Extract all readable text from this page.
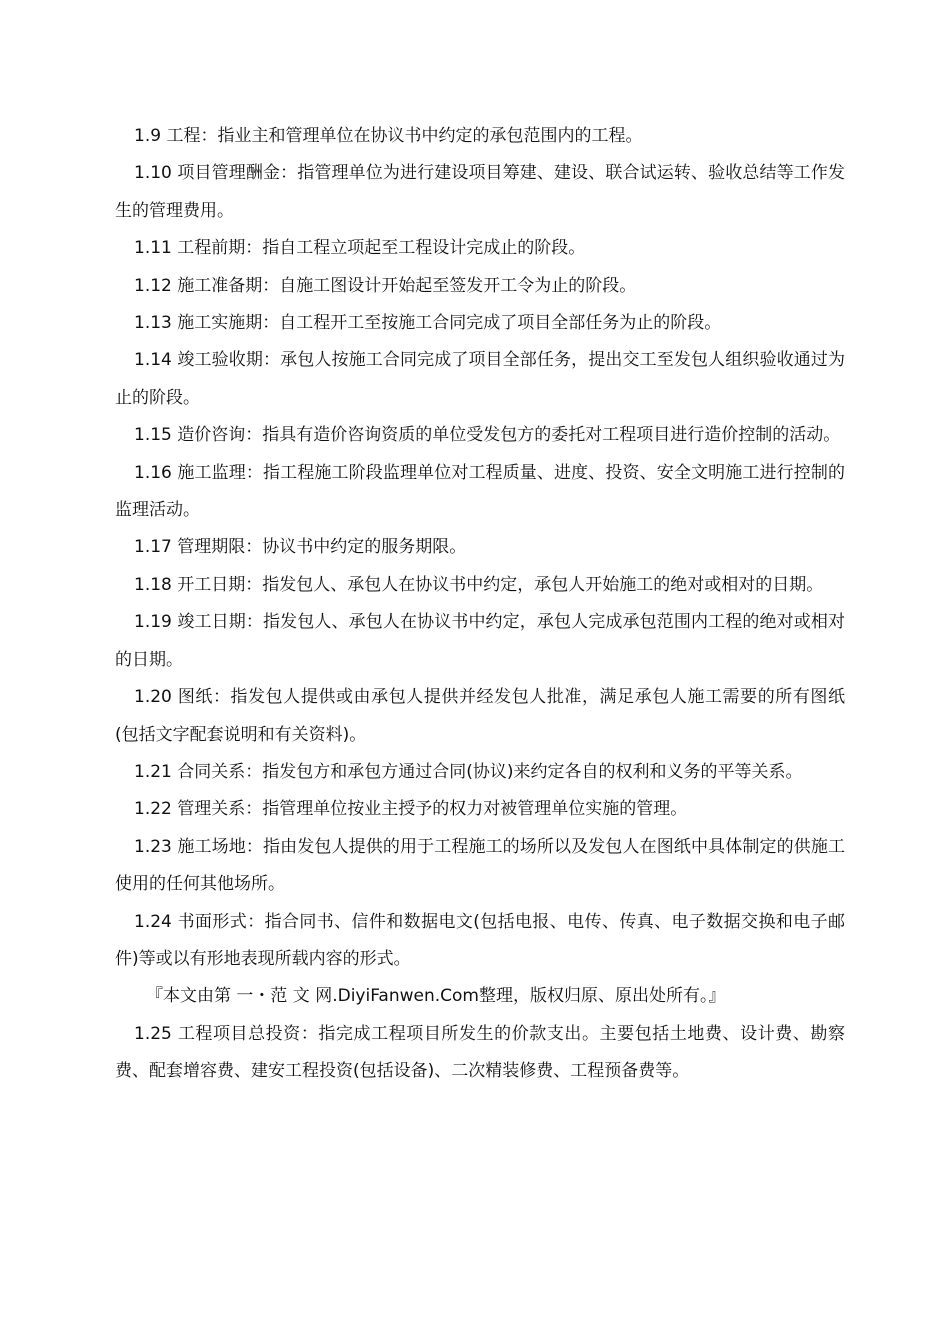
1.9 工程：指业主和管理单位在协议书中约定的承包范围内的工程。

1.10 项目管理酬金：指管理单位为进行建设项目筹建、建设、联合试运转、验收总结等工作发生的管理费用。

1.11 工程前期：指自工程立项起至工程设计完成止的阶段。

1.12 施工准备期：自施工图设计开始起至签发开工令为止的阶段。

1.13 施工实施期：自工程开工至按施工合同完成了项目全部任务为止的阶段。

1.14 竣工验收期：承包人按施工合同完成了项目全部任务，提出交工至发包人组织验收通过为止的阶段。

1.15 造价咨询：指具有造价咨询资质的单位受发包方的委托对工程项目进行造价控制的活动。

1.16 施工监理：指工程施工阶段监理单位对工程质量、进度、投资、安全文明施工进行控制的监理活动。

1.17 管理期限：协议书中约定的服务期限。

1.18 开工日期：指发包人、承包人在协议书中约定，承包人开始施工的绝对或相对的日期。

1.19 竣工日期：指发包人、承包人在协议书中约定，承包人完成承包范围内工程的绝对或相对的日期。

1.20 图纸：指发包人提供或由承包人提供并经发包人批准，满足承包人施工需要的所有图纸(包括文字配套说明和有关资料)。

1.21 合同关系：指发包方和承包方通过合同(协议)来约定各自的权利和义务的平等关系。

1.22 管理关系：指管理单位按业主授予的权力对被管理单位实施的管理。

1.23 施工场地：指由发包人提供的用于工程施工的场所以及发包人在图纸中具体制定的供施工使用的任何其他场所。

1.24 书面形式：指合同书、信件和数据电文(包括电报、电传、传真、电子数据交换和电子邮件)等或以有形地表现所载内容的形式。

『本文由第 一・范 文 网.DiyiFanwen.Com整理，版权归原、原出处所有。』

1.25 工程项目总投资：指完成工程项目所发生的价款支出。主要包括土地费、设计费、勘察费、配套增容费、建安工程投资(包括设备)、二次精装修费、工程预备费等。
